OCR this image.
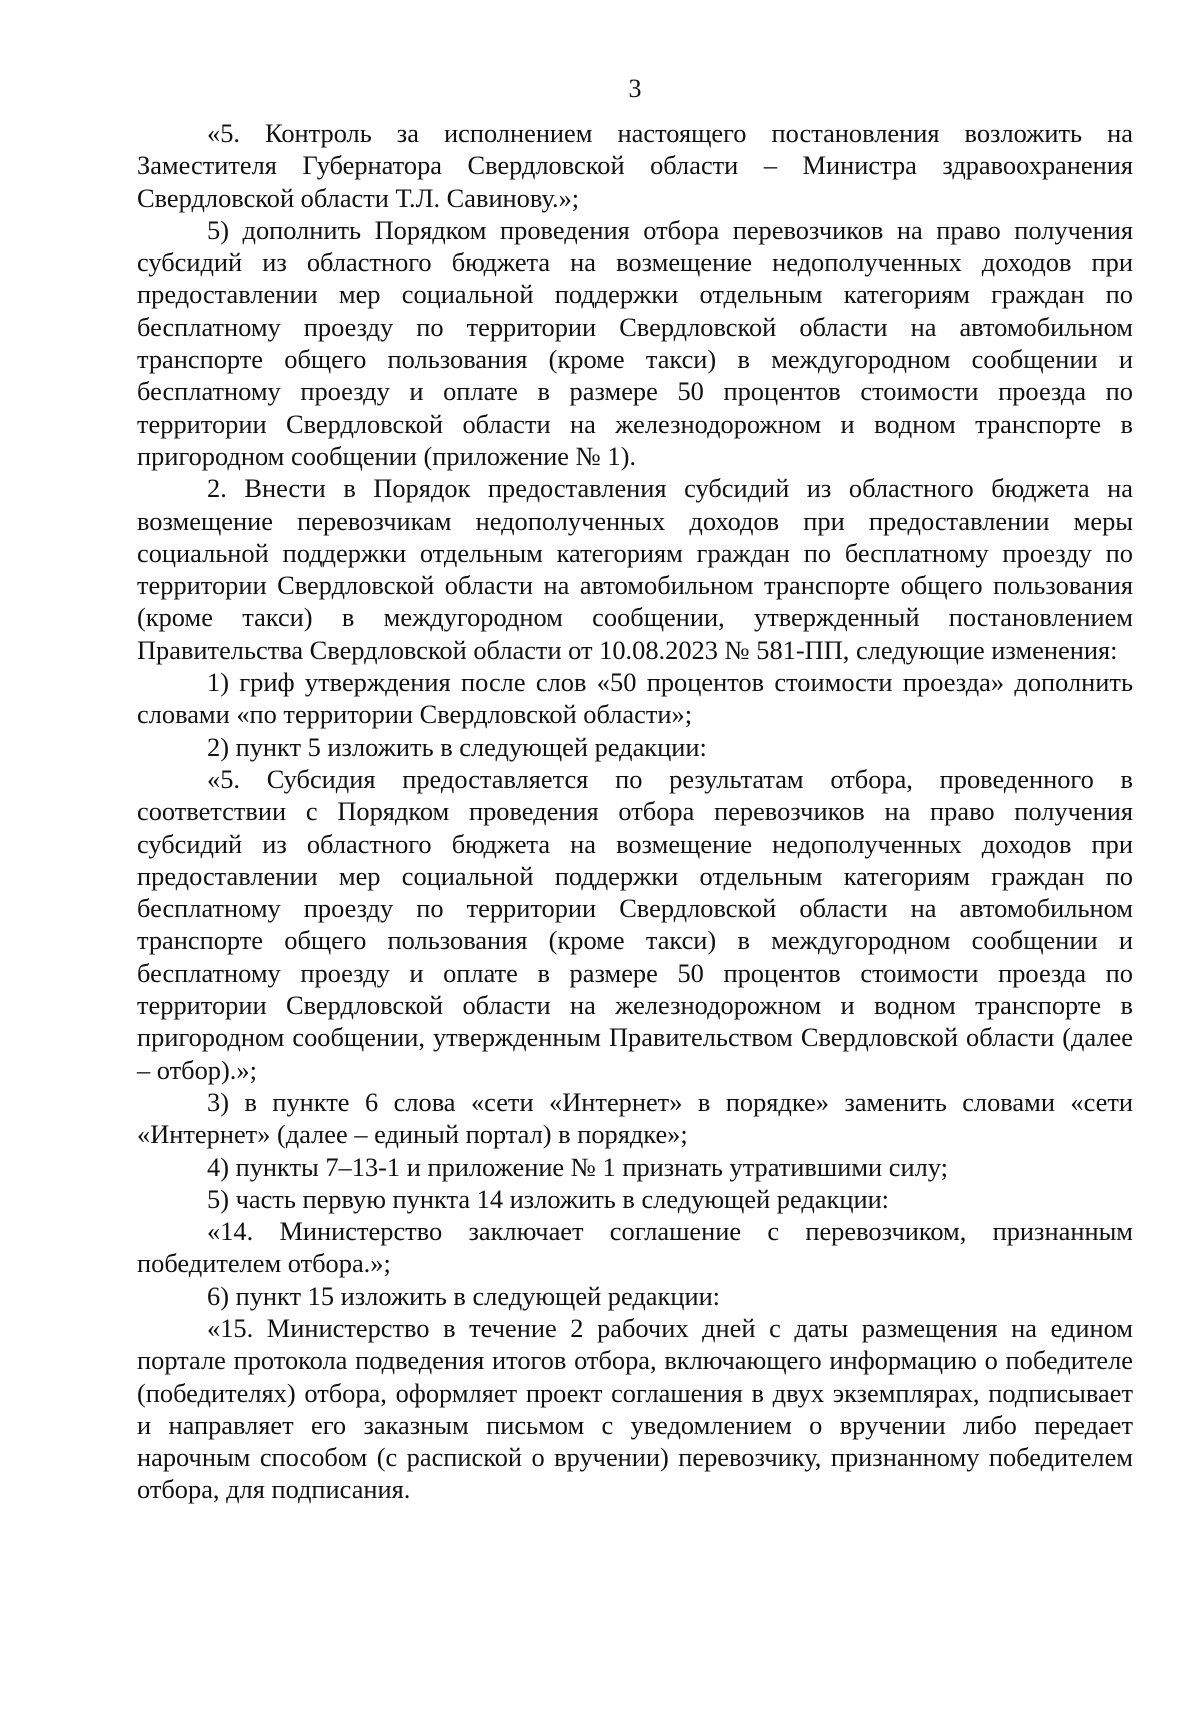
3

«5. Контроль за исполнением настоящего постановления возложить на Заместителя Губернатора Свердловской области – Министра здравоохранения Свердловской области Т.Л. Савинову.»;

5) дополнить Порядком проведения отбора перевозчиков на право получения субсидий из областного бюджета на возмещение недополученных доходов при предоставлении мер социальной поддержки отдельным категориям граждан по бесплатному проезду по территории Свердловской области на автомобильном транспорте общего пользования (кроме такси) в междугородном сообщении и бесплатному проезду и оплате в размере 50 процентов стоимости проезда по территории Свердловской области на железнодорожном и водном транспорте в пригородном сообщении (приложение № 1).

2. Внести в Порядок предоставления субсидий из областного бюджета на возмещение перевозчикам недополученных доходов при предоставлении меры социальной поддержки отдельным категориям граждан по бесплатному проезду по территории Свердловской области на автомобильном транспорте общего пользования (кроме такси) в междугородном сообщении, утвержденный постановлением Правительства Свердловской области от 10.08.2023 № 581-ПП, следующие изменения:

1) гриф утверждения после слов «50 процентов стоимости проезда» дополнить словами «по территории Свердловской области»;

2) пункт 5 изложить в следующей редакции:

«5. Субсидия предоставляется по результатам отбора, проведенного в соответствии с Порядком проведения отбора перевозчиков на право получения субсидий из областного бюджета на возмещение недополученных доходов при предоставлении мер социальной поддержки отдельным категориям граждан по бесплатному проезду по территории Свердловской области на автомобильном транспорте общего пользования (кроме такси) в междугородном сообщении и бесплатному проезду и оплате в размере 50 процентов стоимости проезда по территории Свердловской области на железнодорожном и водном транспорте в пригородном сообщении, утвержденным Правительством Свердловской области (далее – отбор).»;

3) в пункте 6 слова «сети «Интернет» в порядке» заменить словами «сети «Интернет» (далее – единый портал) в порядке»;

4) пункты 7–13-1 и приложение № 1 признать утратившими силу;

5) часть первую пункта 14 изложить в следующей редакции:

«14. Министерство заключает соглашение с перевозчиком, признанным победителем отбора.»;

6) пункт 15 изложить в следующей редакции:

«15. Министерство в течение 2 рабочих дней с даты размещения на едином портале протокола подведения итогов отбора, включающего информацию о победителе (победителях) отбора, оформляет проект соглашения в двух экземплярах, подписывает и направляет его заказным письмом с уведомлением о вручении либо передает нарочным способом (с распиской о вручении) перевозчику, признанному победителем отбора, для подписания.
